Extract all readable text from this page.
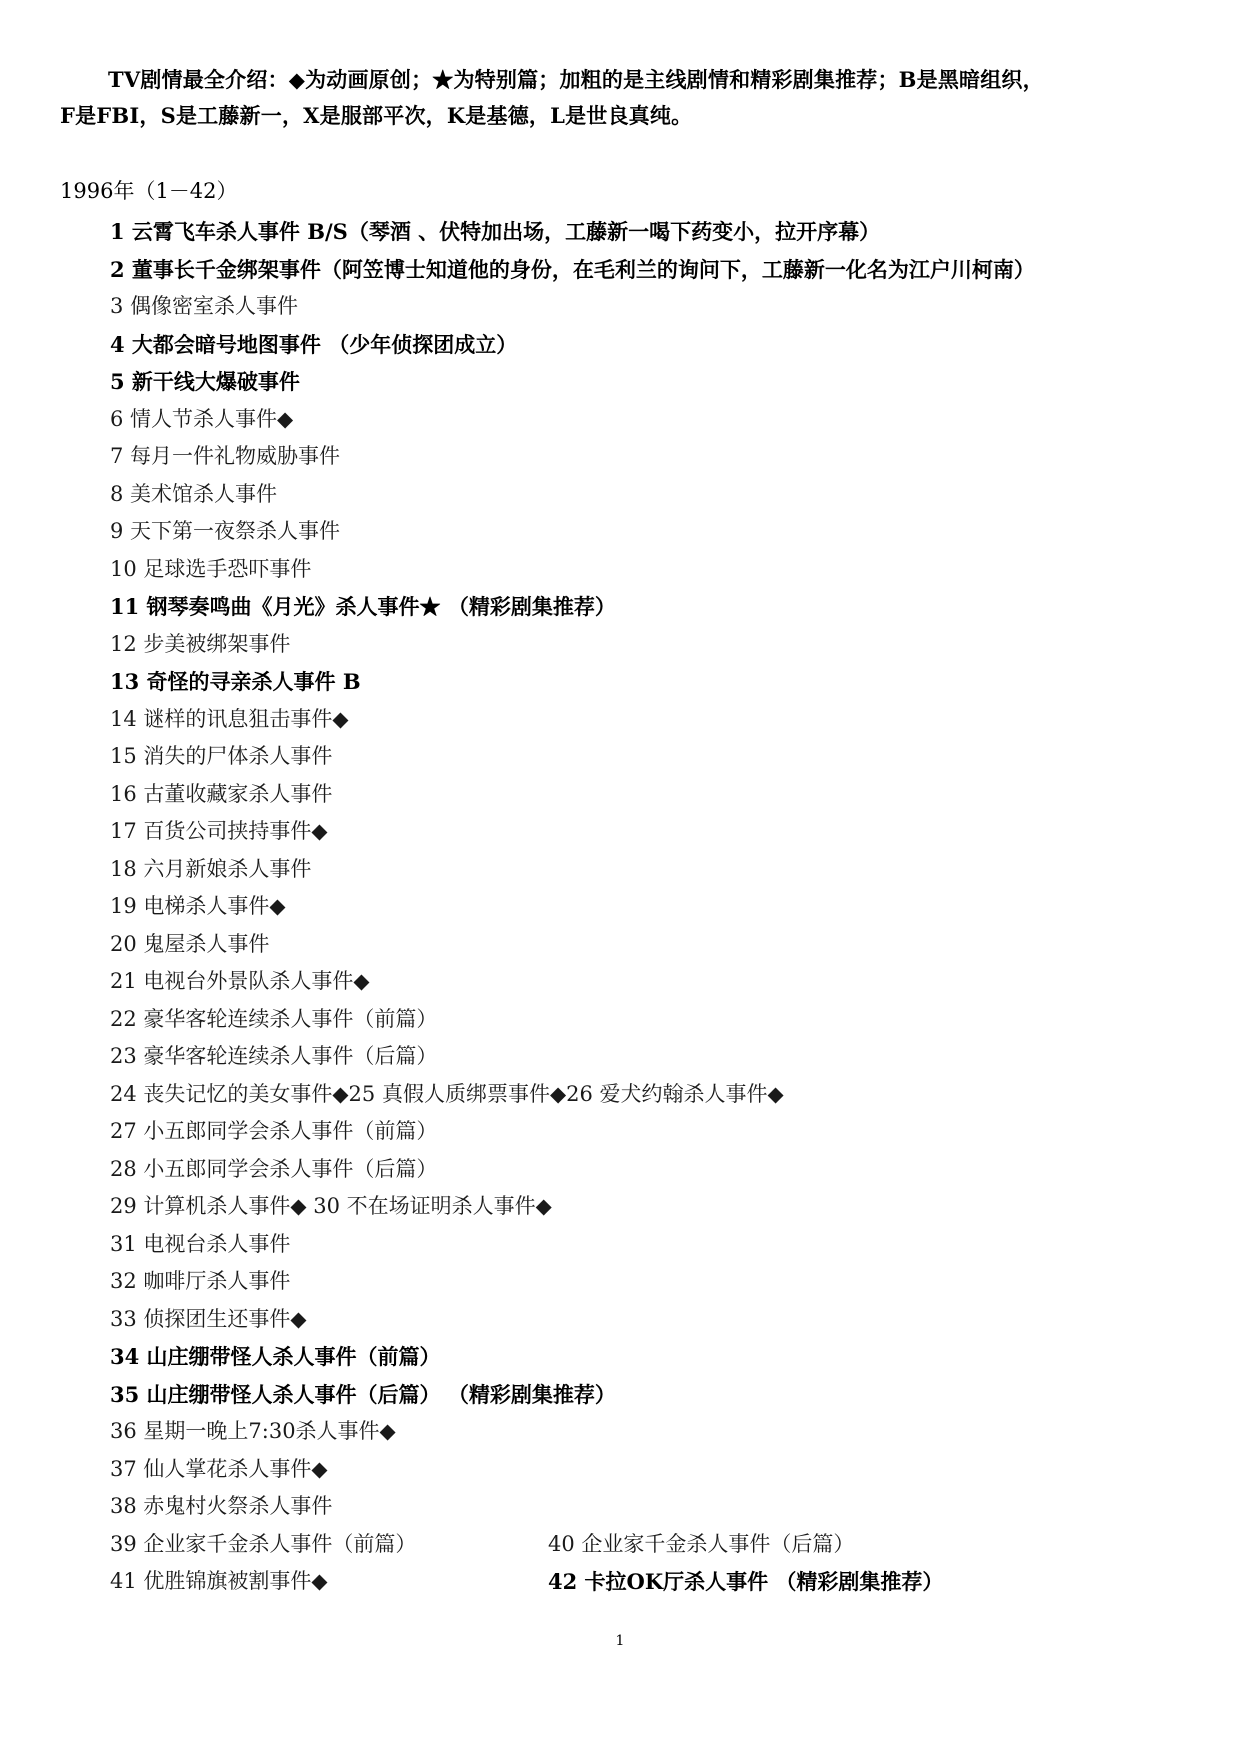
TV剧情最全介绍：◆为动画原创；★为特别篇；加粗的是主线剧情和精彩剧集推荐；B是黑暗组织，
F是FBI，S是工藤新一，X是服部平次，K是基德，L是世良真纯。
1996年（1－42）
1 云霄飞车杀人事件 B/S（琴酒 、伏特加出场，工藤新一喝下药变小，拉开序幕）
2 董事长千金绑架事件（阿笠博士知道他的身份，在毛利兰的询问下，工藤新一化名为江户川柯南）
3 偶像密室杀人事件
4 大都会暗号地图事件 （少年侦探团成立）
5 新干线大爆破事件
6 情人节杀人事件◆
7 每月一件礼物威胁事件
8 美术馆杀人事件
9 天下第一夜祭杀人事件
10 足球选手恐吓事件
11 钢琴奏鸣曲《月光》杀人事件★ （精彩剧集推荐）
12 步美被绑架事件
13 奇怪的寻亲杀人事件 B
14 谜样的讯息狙击事件◆
15 消失的尸体杀人事件
16 古董收藏家杀人事件
17 百货公司挟持事件◆
18 六月新娘杀人事件
19 电梯杀人事件◆
20 鬼屋杀人事件
21 电视台外景队杀人事件◆
22 豪华客轮连续杀人事件（前篇）
23 豪华客轮连续杀人事件（后篇）
24 丧失记忆的美女事件◆25 真假人质绑票事件◆26 爱犬约翰杀人事件◆
27 小五郎同学会杀人事件（前篇）
28 小五郎同学会杀人事件（后篇）
29 计算机杀人事件◆ 30 不在场证明杀人事件◆
31 电视台杀人事件
32 咖啡厅杀人事件
33 侦探团生还事件◆
34 山庄绷带怪人杀人事件（前篇）
35 山庄绷带怪人杀人事件（后篇） （精彩剧集推荐）
36 星期一晚上7:30杀人事件◆
37 仙人掌花杀人事件◆
38 赤鬼村火祭杀人事件
39 企业家千金杀人事件（前篇）	40 企业家千金杀人事件（后篇）
41 优胜锦旗被割事件◆	42 卡拉OK厅杀人事件 （精彩剧集推荐）
1
